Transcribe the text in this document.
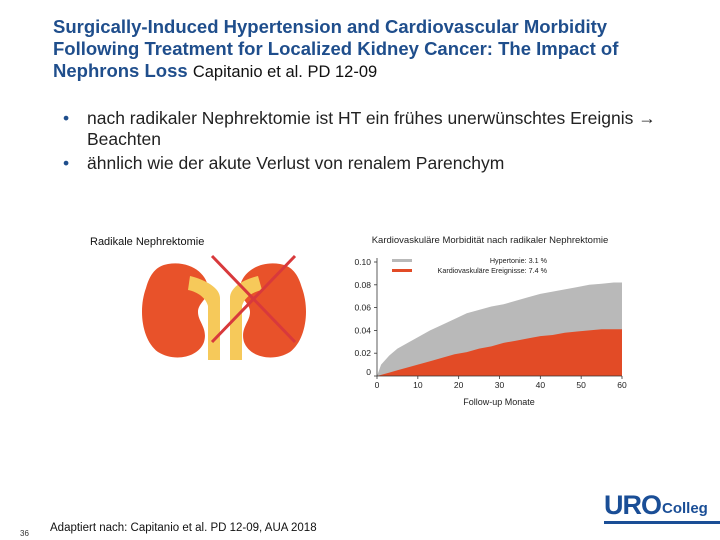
Surgically-Induced Hypertension and Cardiovascular Morbidity Following Treatment for Localized Kidney Cancer: The Impact of Nephrons Loss Capitanio et al. PD 12-09
• nach radikaler Nephrektomie ist HT ein frühes unerwünschtes Ereignis → Beachten
• ähnlich wie der akute Verlust von renalem Parenchym
Radikale Nephrektomie	Kardiovaskuläre Morbidität nach radikaler Nephrektomie
0
0.02
0.04
0.06
0.08
0.10
0	10	20	30	40	50	60
Follow-up Monate
Hypertonie: 3.1 %
Kardiovaskuläre Ereignisse: 7.4 %
36 Adaptiert nach: Capitanio et al. PD 12-09, AUA 2018
URO Colleg
